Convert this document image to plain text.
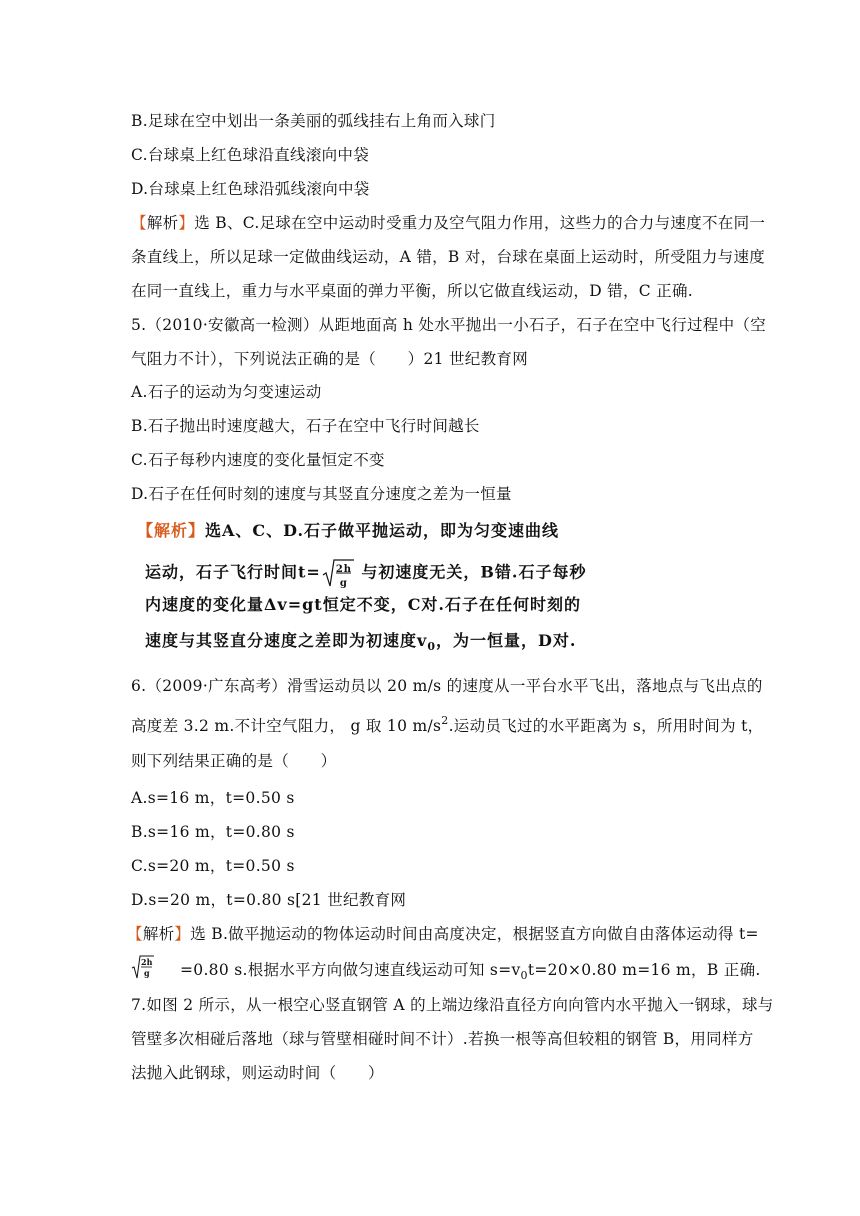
B.足球在空中划出一条美丽的弧线挂右上角而入球门
C.台球桌上红色球沿直线滚向中袋
D.台球桌上红色球沿弧线滚向中袋
【解析】选 B、C.足球在空中运动时受重力及空气阻力作用，这些力的合力与速度不在同一
条直线上，所以足球一定做曲线运动，A 错，B 对，台球在桌面上运动时，所受阻力与速度
在同一直线上，重力与水平桌面的弹力平衡，所以它做直线运动，D 错，C 正确.
5.（2010·安徽高一检测）从距地面高 h 处水平抛出一小石子，石子在空中飞行过程中（空
气阻力不计），下列说法正确的是（　　）21 世纪教育网
A.石子的运动为匀变速运动
B.石子抛出时速度越大，石子在空中飞行时间越长
C.石子每秒内速度的变化量恒定不变
D.石子在任何时刻的速度与其竖直分速度之差为一恒量
【解析】选A、C、D.石子做平抛运动，即为匀变速曲线
运动，石子飞行时间t= 2h
g
与初速度无关，B错.石子每秒
内速度的变化量Δv=gt恒定不变，C对.石子在任何时刻的
速度与其竖直分速度之差即为初速度$v_0$，为一恒量，D对.
6.（2009·广东高考）滑雪运动员以 20 m/s 的速度从一平台水平飞出，落地点与飞出点的
高度差 3.2 m.不计空气阻力， g 取 10 $m/s^2$.运动员飞过的水平距离为 s，所用时间为 t，
则下列结果正确的是（　　）
A.s=16 m，t=0.50 s
B.s=16 m，t=0.80 s
C.s=20 m，t=0.50 s
D.s=20 m，t=0.80 s[21 世纪教育网
【解析】选 B.做平抛运动的物体运动时间由高度决定，根据竖直方向做自由落体运动得 t=
2h
g =0.80 s.根据水平方向做匀速直线运动可知 $s=v_0t=20\times 0.80$ m=16 m，B 正确.
7.如图 2 所示，从一根空心竖直钢管 A 的上端边缘沿直径方向向管内水平抛入一钢球，球与
管壁多次相碰后落地（球与管壁相碰时间不计）.若换一根等高但较粗的钢管 B，用同样方
法抛入此钢球，则运动时间（　　）
